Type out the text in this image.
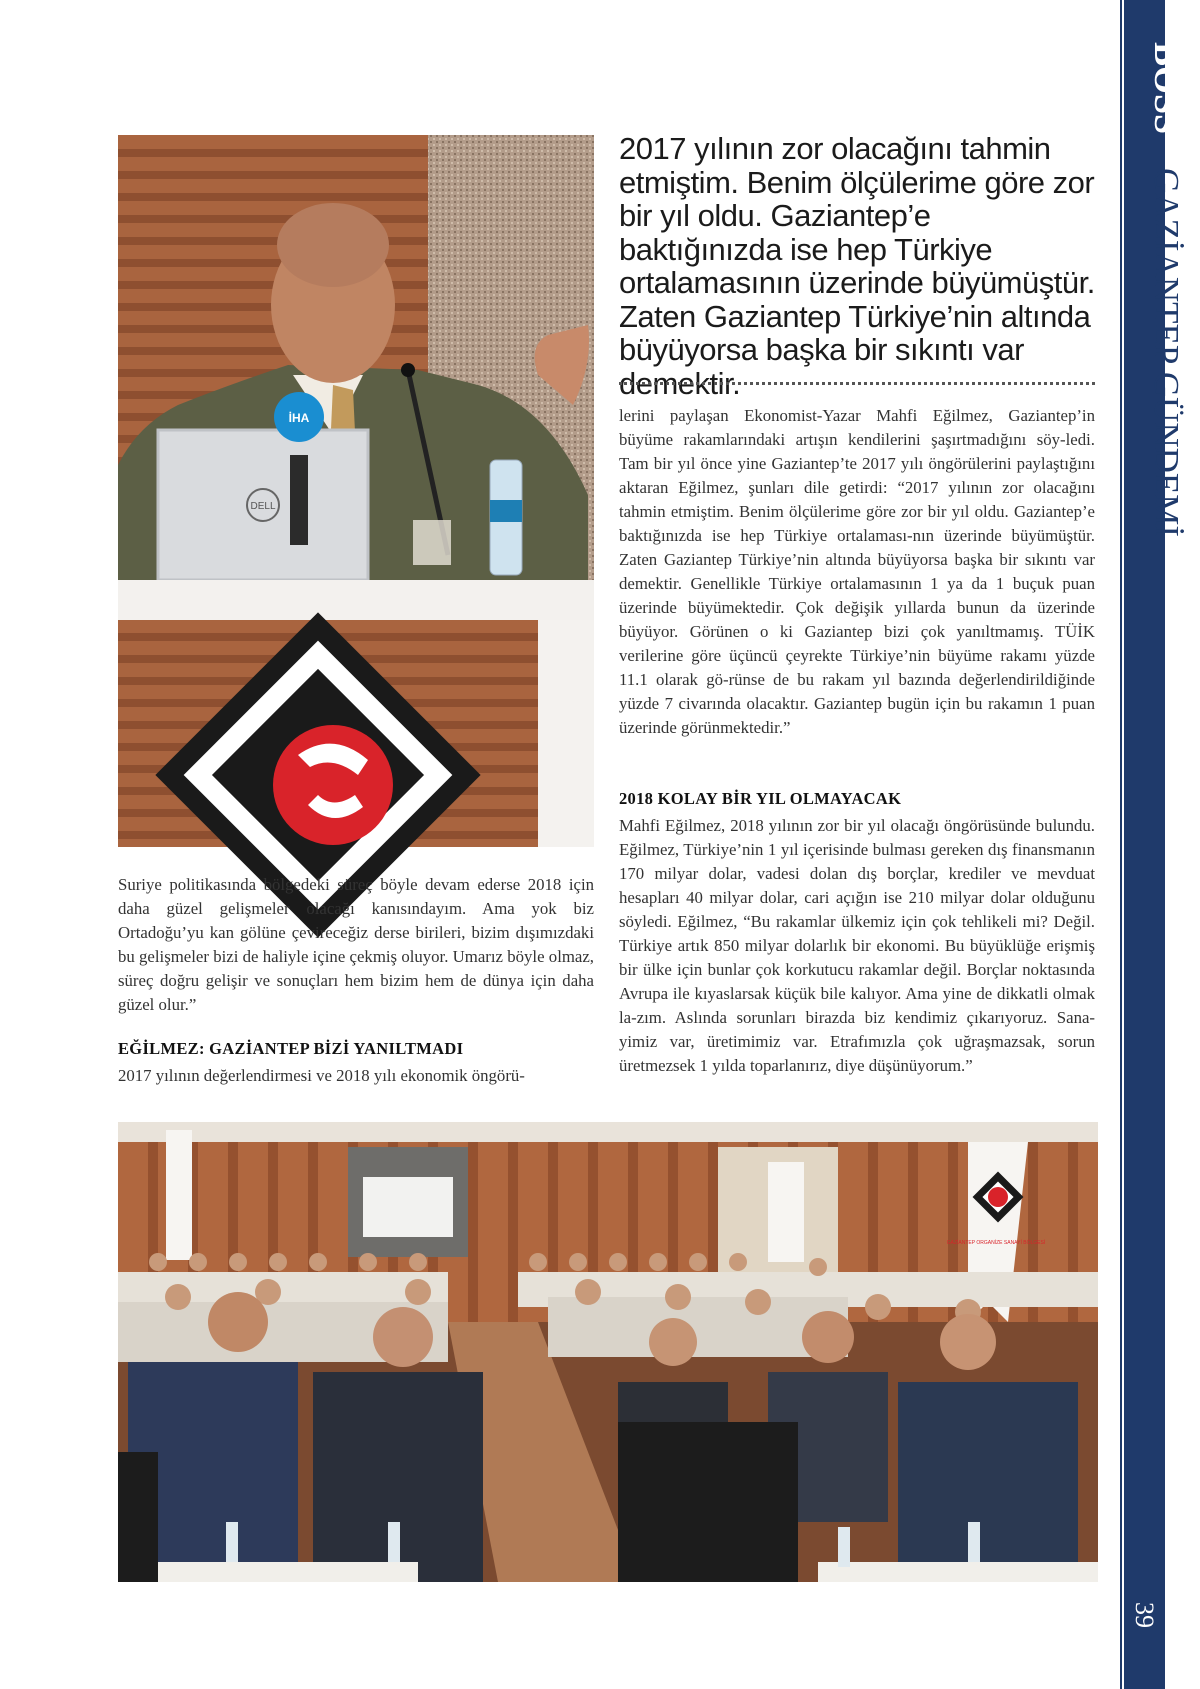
BOSS
GAZİANTEP GÜNDEMİ
39
DELL
İHA
2017 yılının zor olacağını tahmin etmiştim. Benim ölçülerime göre zor bir yıl oldu. Gaziantep’e baktığınızda ise hep Türkiye ortalamasının üzerinde büyümüştür. Zaten Gaziantep Türkiye’nin altında büyüyorsa başka bir sıkıntı var demektir.
lerini paylaşan Ekonomist-Yazar Mahfi Eğilmez, Gaziantep’in büyüme rakamlarındaki artışın kendilerini şaşırtmadığını söy-ledi. Tam bir yıl önce yine Gaziantep’te 2017 yılı öngörülerini paylaştığını aktaran Eğilmez, şunları dile getirdi: “2017 yılının zor olacağını tahmin etmiştim. Benim ölçülerime göre zor bir yıl oldu. Gaziantep’e baktığınızda ise hep Türkiye ortalaması-nın üzerinde büyümüştür. Zaten Gaziantep Türkiye’nin altında büyüyorsa başka bir sıkıntı var demektir. Genellikle Türkiye ortalamasının 1 ya da 1 buçuk puan üzerinde büyümektedir. Çok değişik yıllarda bunun da üzerinde büyüyor. Görünen o ki Gaziantep bizi çok yanıltmamış. TÜİK verilerine göre üçüncü çeyrekte Türkiye’nin büyüme rakamı yüzde 11.1 olarak gö-rünse de bu rakam yıl bazında değerlendirildiğinde yüzde 7 civarında olacaktır. Gaziantep bugün için bu rakamın 1 puan üzerinde görünmektedir.”
2018 KOLAY BİR YIL OLMAYACAK
Mahfi Eğilmez, 2018 yılının zor bir yıl olacağı öngörüsünde bulundu. Eğilmez, Türkiye’nin 1 yıl içerisinde bulması gereken dış finansmanın 170 milyar dolar, vadesi dolan dış borçlar, krediler ve mevduat hesapları 40 milyar dolar, cari açığın ise 210 milyar dolar olduğunu söyledi. Eğilmez, “Bu rakamlar ülkemiz için çok tehlikeli mi? Değil. Türkiye artık 850 milyar dolarlık bir ekonomi. Bu büyüklüğe erişmiş bir ülke için bunlar çok korkutucu rakamlar değil. Borçlar noktasında Avrupa ile kıyaslarsak küçük bile kalıyor. Ama yine de dikkatli olmak la-zım. Aslında sorunları birazda biz kendimiz çıkarıyoruz. Sana-yimiz var, üretimimiz var. Etrafımızla çok uğraşmazsak, sorun üretmezsek 1 yılda toparlanırız, diye düşünüyorum.”
Suriye politikasında bölgedeki süreç böyle devam ederse 2018 için daha güzel gelişmeler olacağı kanısındayım. Ama yok biz Ortadoğu’yu kan gölüne çevireceğiz derse birileri, bizim dışımızdaki bu gelişmeler bizi de haliyle içine çekmiş oluyor. Umarız böyle olmaz, süreç doğru gelişir ve sonuçları hem bizim hem de dünya için daha güzel olur.”
EĞİLMEZ: GAZİANTEP BİZİ YANILTMADI
2017 yılının değerlendirmesi ve 2018 yılı ekonomik öngörü-
GAZİANTEP ORGANİZE SANAYİ BÖLGESİ
